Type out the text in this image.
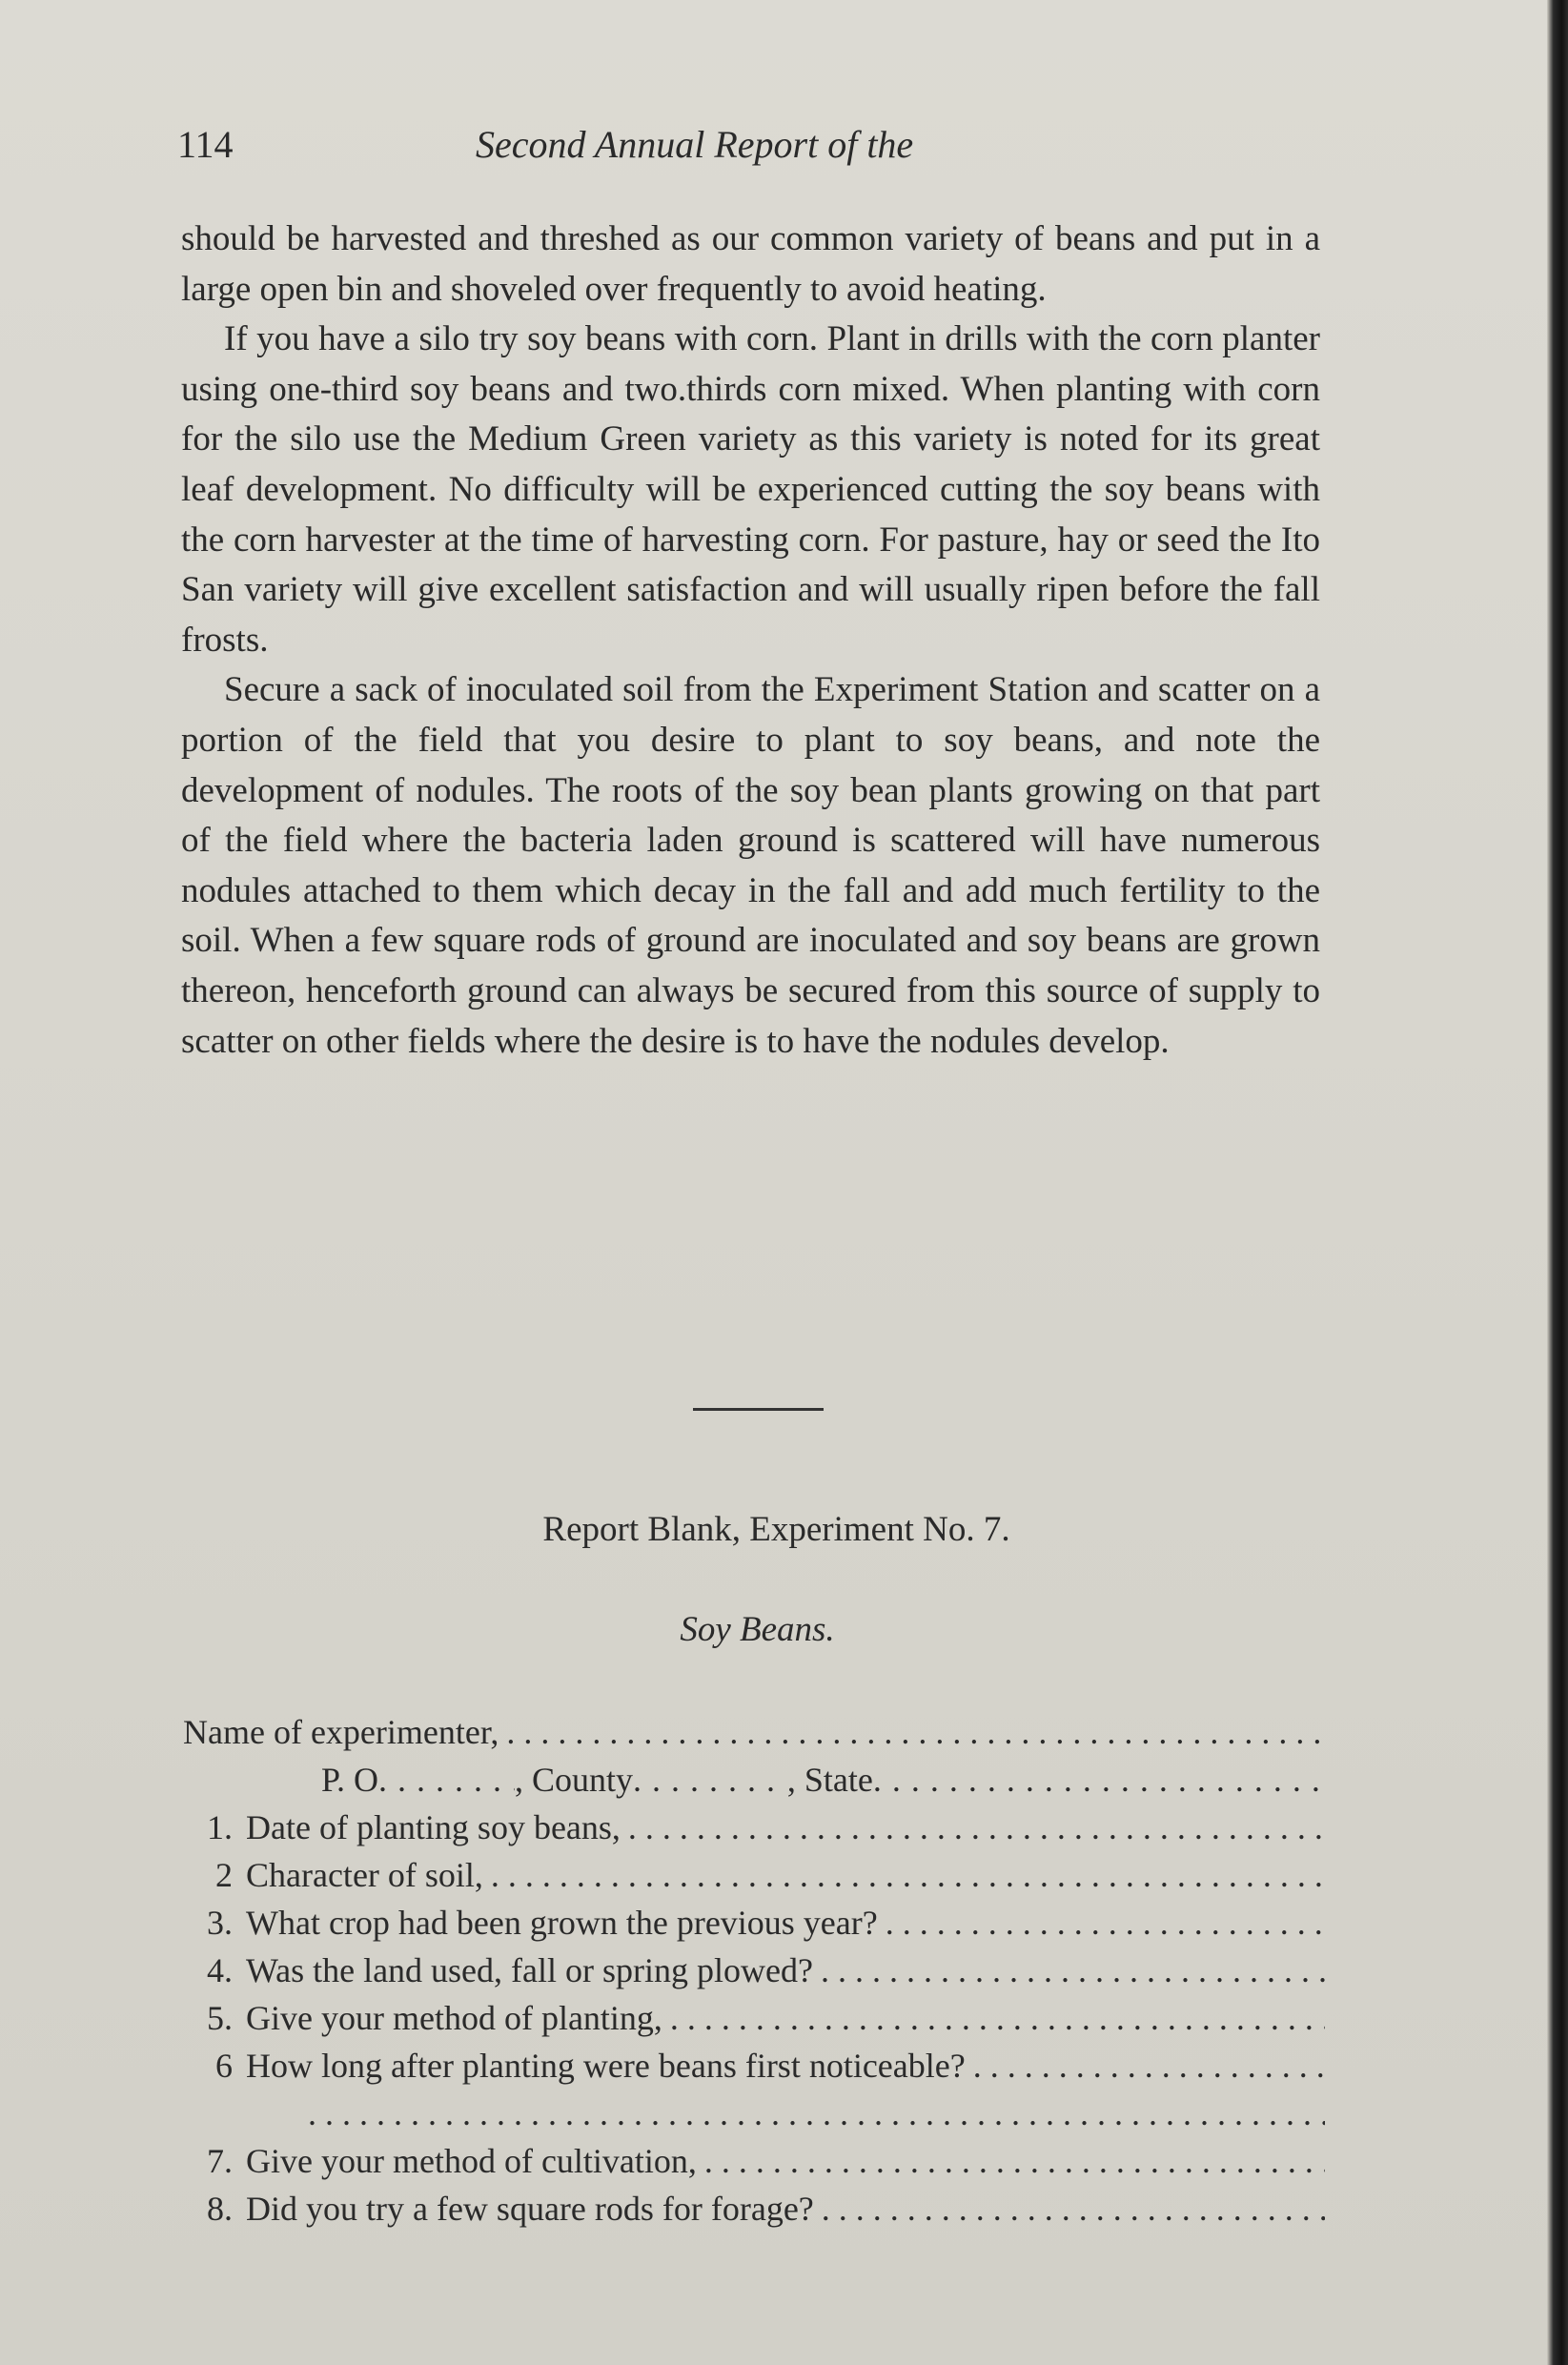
114	Second Annual Report of the

should be harvested and threshed as our common variety of beans and put in a large open bin and shoveled over frequently to avoid heating.

If you have a silo try soy beans with corn. Plant in drills with the corn planter using one-third soy beans and two.thirds corn mixed. When planting with corn for the silo use the Medium Green variety as this variety is noted for its great leaf development. No difficulty will be experienced cutting the soy beans with the corn harvester at the time of harvesting corn. For pasture, hay or seed the Ito San variety will give excellent satisfaction and will usually ripen before the fall frosts.

Secure a sack of inoculated soil from the Experiment Station and scatter on a portion of the field that you desire to plant to soy beans, and note the development of nodules. The roots of the soy bean plants growing on that part of the field where the bacteria laden ground is scattered will have numerous nodules attached to them which decay in the fall and add much fertility to the soil. When a few square rods of ground are inoculated and soy beans are grown thereon, henceforth ground can always be secured from this source of supply to scatter on other fields where the desire is to have the nodules develop.

Report Blank, Experiment No. 7.
Soy Beans.
Name of experimenter,
. . .
P. O . . .	, County . . .	, State
. . .
1. Date of planting soy beans,
. . .
2 Character of soil,
. . .
3. What crop had been grown the previous year?
. . .
4. Was the land used, fall or spring plowed?
. . .
5. Give your method of planting,
. . .
6 How long after planting were beans first noticeable?
. . .
. . .
7. Give your method of cultivation,
. . .
8. Did you try a few square rods for forage?
. . .
